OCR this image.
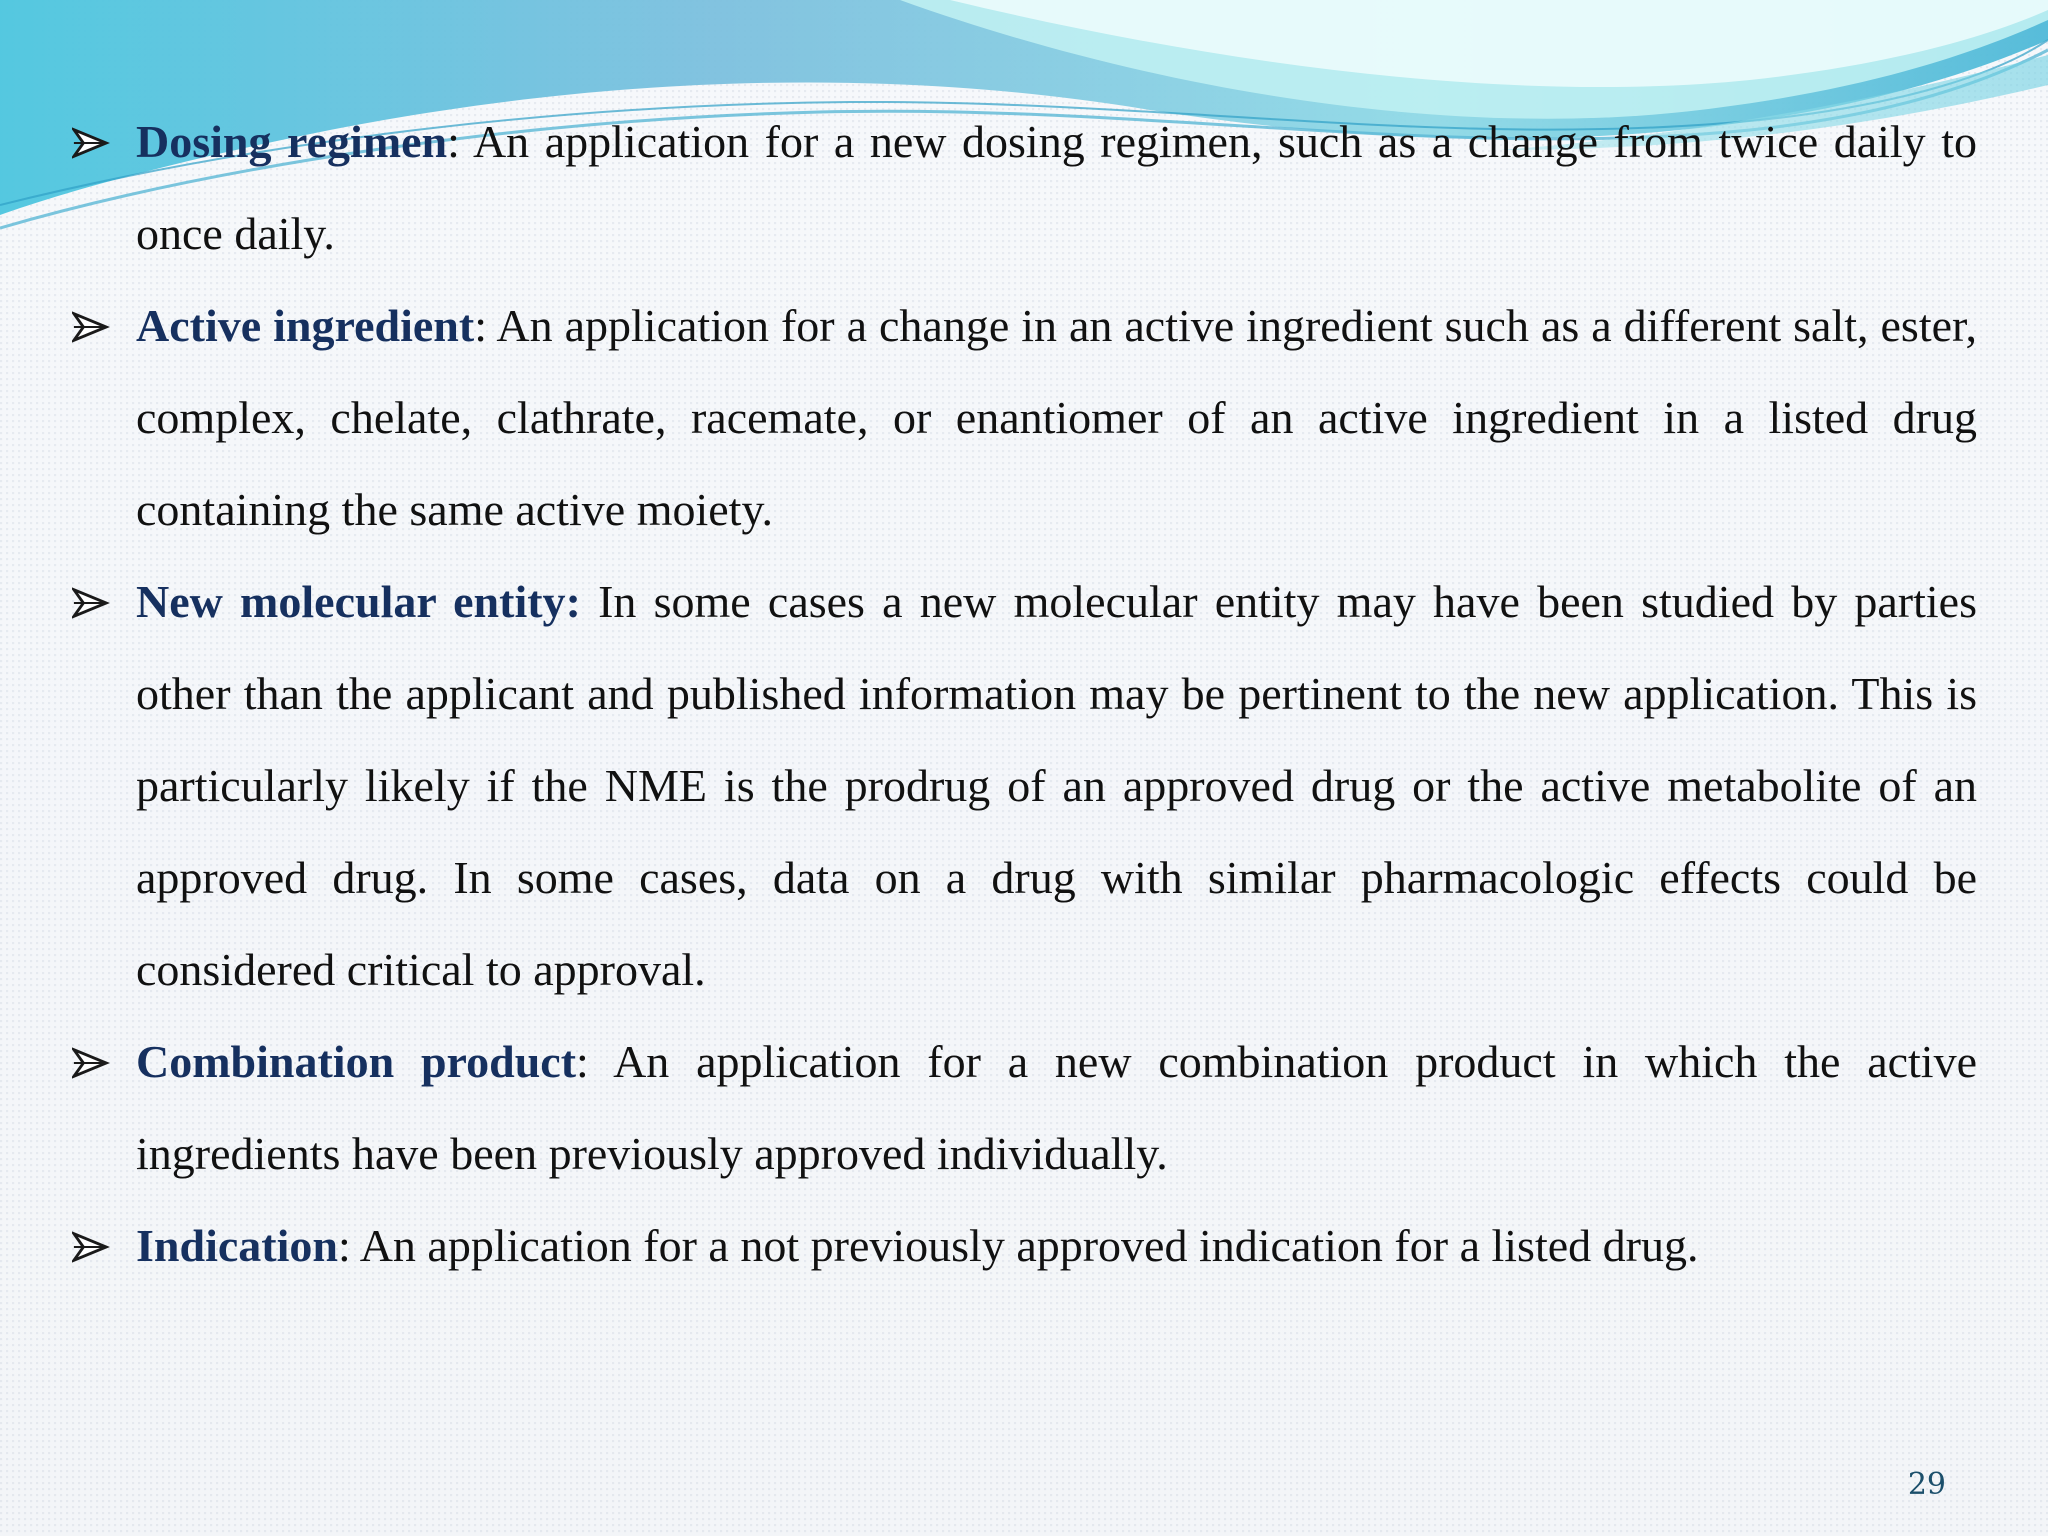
Dosing regimen: An application for a new dosing regimen, such as a change from twice daily to once daily.
Active ingredient: An application for a change in an active ingredient such as a different salt, ester, complex, chelate, clathrate, racemate, or enantiomer of an active ingredient in a listed drug containing the same active moiety.
New molecular entity: In some cases a new molecular entity may have been studied by parties other than the applicant and published information may be pertinent to the new application. This is particularly likely if the NME is the prodrug of an approved drug or the active metabolite of an approved drug. In some cases, data on a drug with similar pharmacologic effects could be considered critical to approval.
Combination product: An application for a new combination product in which the active ingredients have been previously approved individually.
Indication: An application for a not previously approved indication for a listed drug.
29
